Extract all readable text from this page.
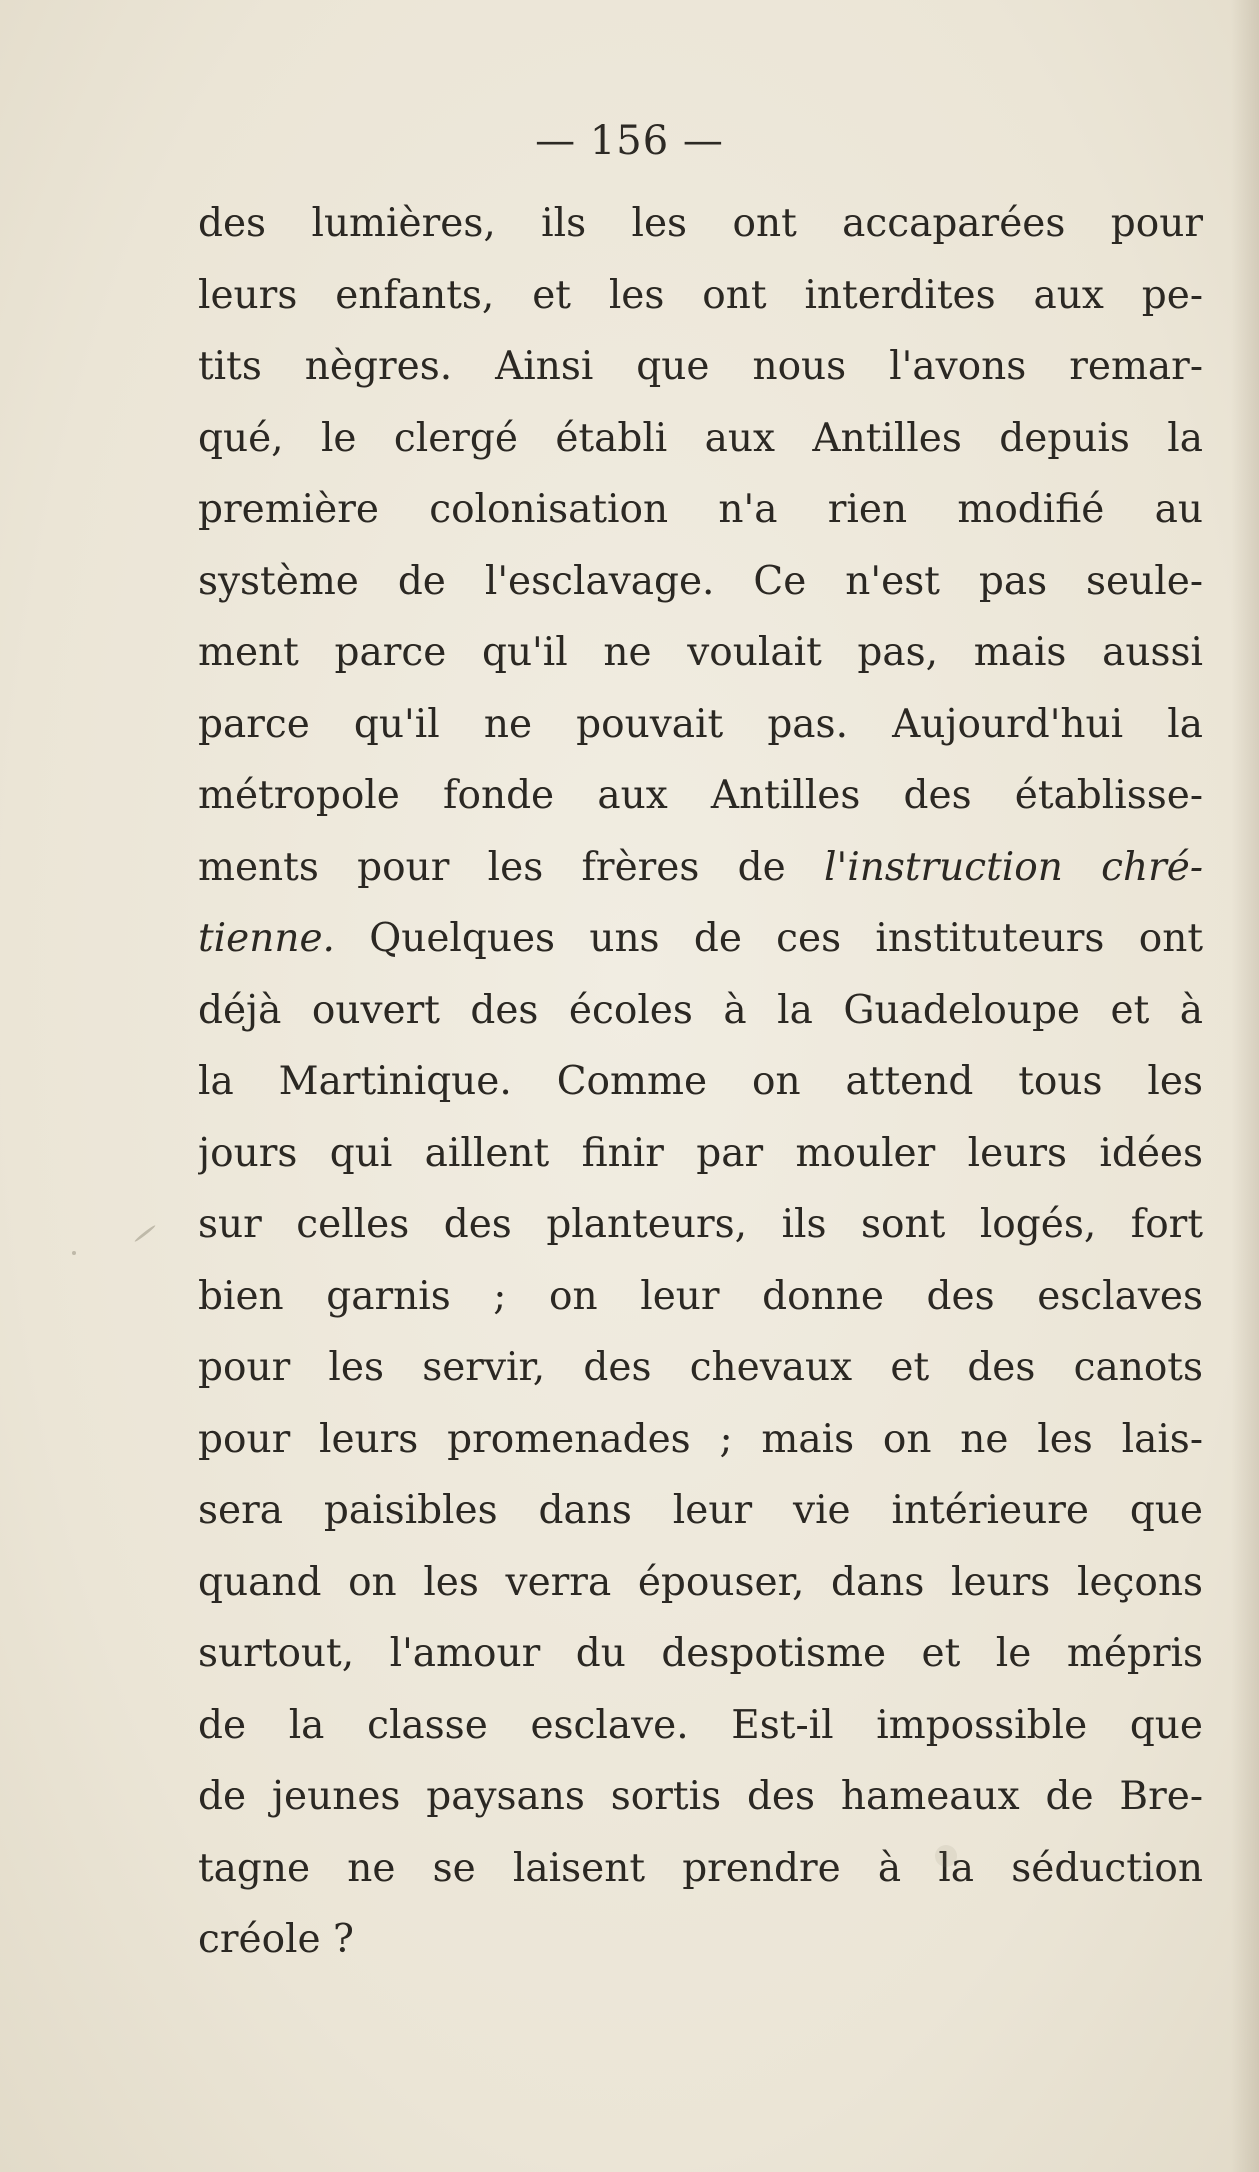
— 156 —
des lumières, ils les ont accaparées pour
leurs enfants, et les ont interdites aux pe-
tits nègres. Ainsi que nous l'avons remar-
qué, le clergé établi aux Antilles depuis la
première colonisation n'a rien modifié au
système de l'esclavage. Ce n'est pas seule-
ment parce qu'il ne voulait pas, mais aussi
parce qu'il ne pouvait pas. Aujourd'hui la
métropole fonde aux Antilles des établisse-
ments pour les frères de l'instruction chré-
tienne. Quelques uns de ces instituteurs ont
déjà ouvert des écoles à la Guadeloupe et à
la Martinique. Comme on attend tous les
jours qui aillent finir par mouler leurs idées
sur celles des planteurs, ils sont logés, fort
bien garnis ; on leur donne des esclaves
pour les servir, des chevaux et des canots
pour leurs promenades ; mais on ne les lais-
sera paisibles dans leur vie intérieure que
quand on les verra épouser, dans leurs leçons
surtout, l'amour du despotisme et le mépris
de la classe esclave. Est-il impossible que
de jeunes paysans sortis des hameaux de Bre-
tagne ne se laisent prendre à la séduction
créole ?
